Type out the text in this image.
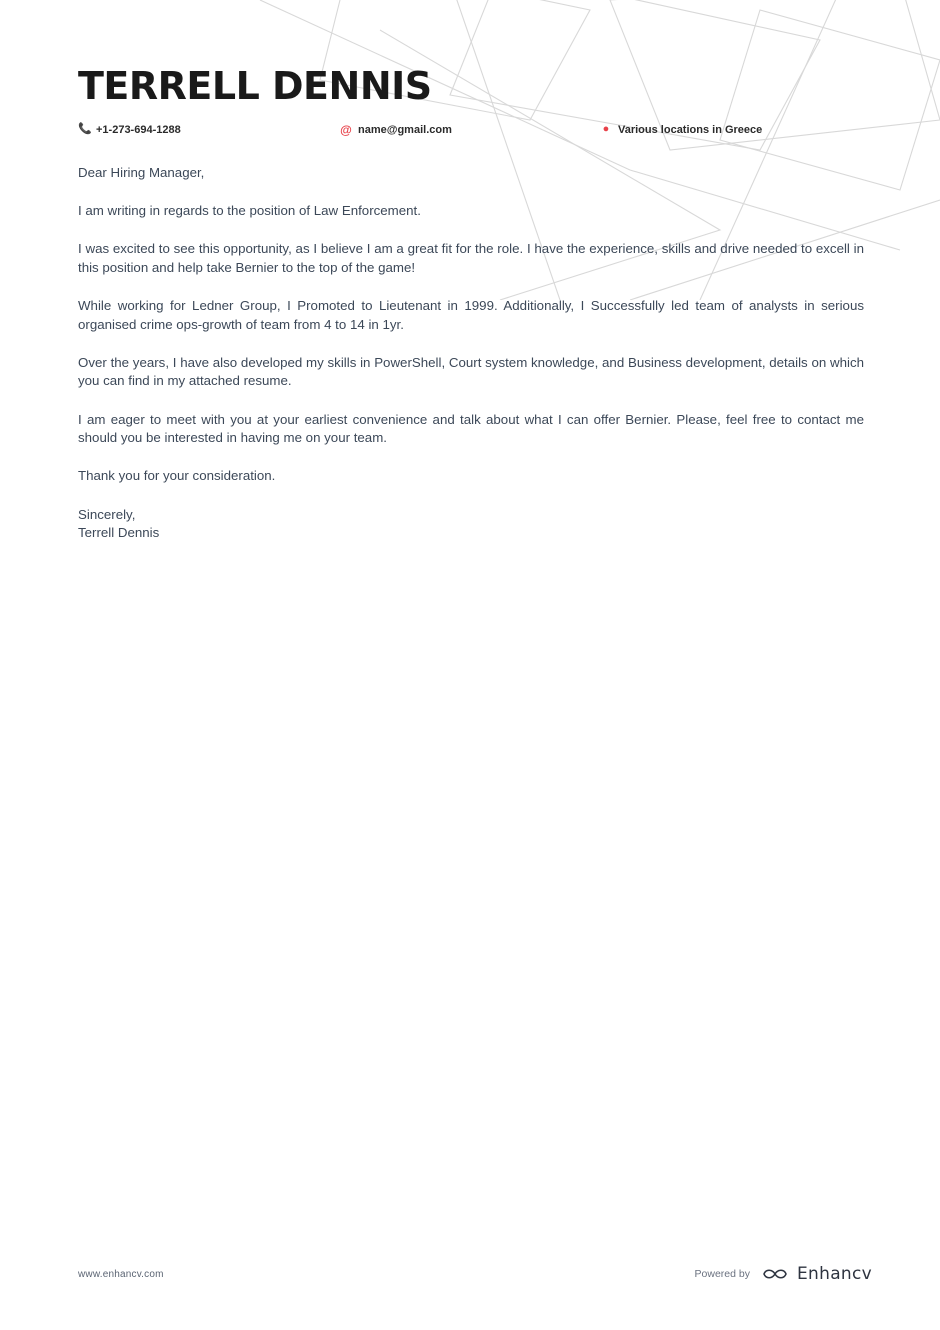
TERRELL DENNIS
📞 +1-273-694-1288	@ name@gmail.com	● Various locations in Greece

Dear Hiring Manager,

I am writing in regards to the position of Law Enforcement.

I was excited to see this opportunity, as I believe I am a great fit for the role. I have the experience, skills and drive needed to excell in this position and help take Bernier to the top of the game!

While working for Ledner Group, I Promoted to Lieutenant in 1999. Additionally, I Successfully led team of analysts in serious organised crime ops-growth of team from 4 to 14 in 1yr.

Over the years, I have also developed my skills in PowerShell, Court system knowledge, and Business development, details on which you can find in my attached resume.

I am eager to meet with you at your earliest convenience and talk about what I can offer Bernier. Please, feel free to contact me should you be interested in having me on your team.

Thank you for your consideration.

Sincerely,
Terrell Dennis
www.enhancv.com	Powered by	Enhancv
